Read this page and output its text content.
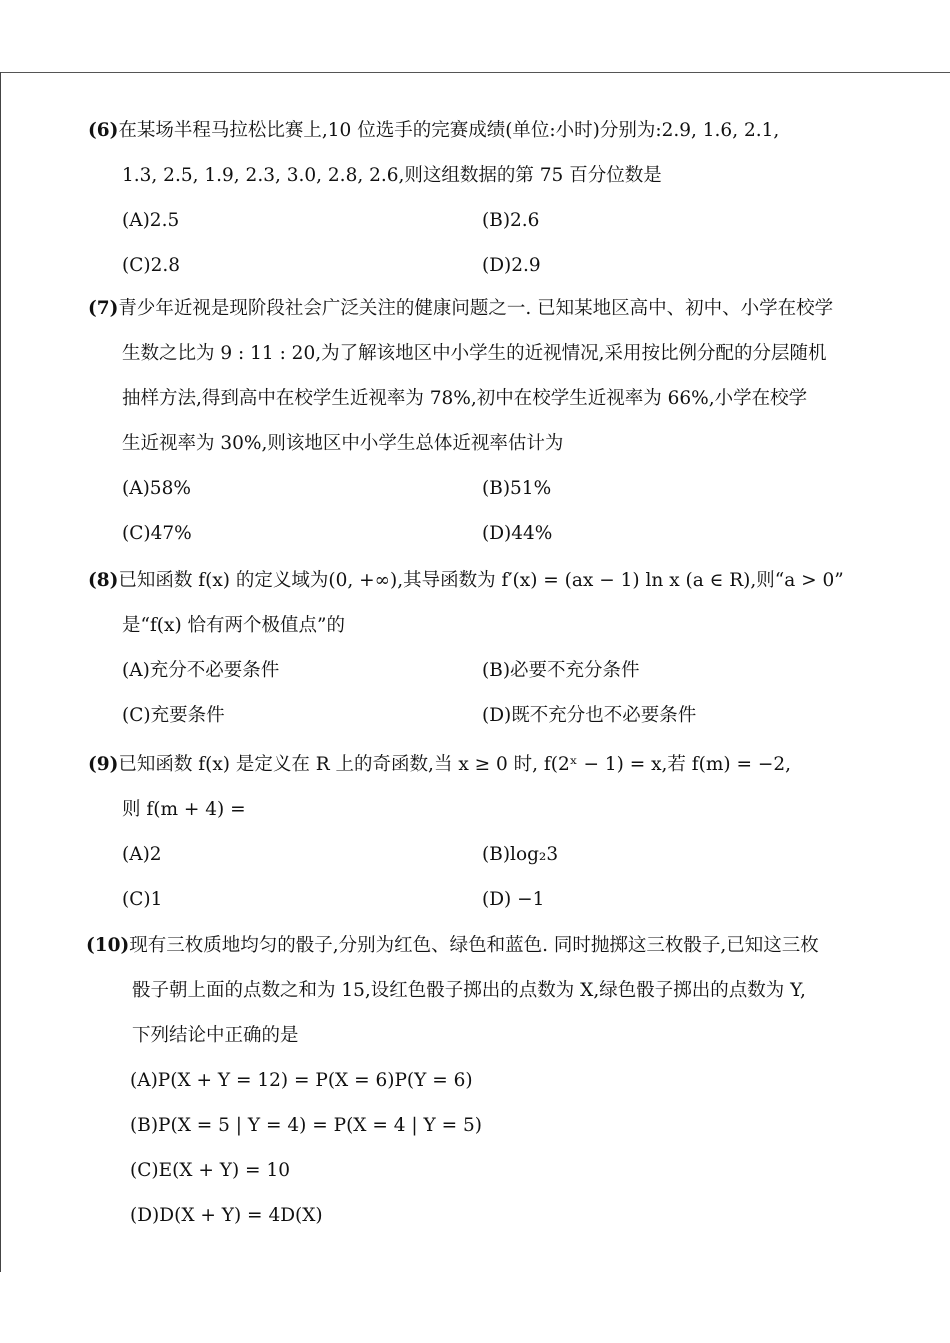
(6)在某场半程马拉松比赛上,10 位选手的完赛成绩(单位:小时)分别为:2.9, 1.6, 2.1,
1.3, 2.5, 1.9, 2.3, 3.0, 2.8, 2.6,则这组数据的第 75 百分位数是
(A)2.5	(B)2.6
(C)2.8	(D)2.9
(7)青少年近视是现阶段社会广泛关注的健康问题之一. 已知某地区高中、初中、小学在校学
生数之比为 9 : 11 : 20,为了解该地区中小学生的近视情况,采用按比例分配的分层随机
抽样方法,得到高中在校学生近视率为 78%,初中在校学生近视率为 66%,小学在校学
生近视率为 30%,则该地区中小学生总体近视率估计为
(A)58%	(B)51%
(C)47%	(D)44%
(8)已知函数 f(x) 的定义域为(0, +∞),其导函数为 f′(x) = (ax − 1) ln x (a ∈ R),则“a > 0”
是“f(x) 恰有两个极值点”的
(A)充分不必要条件	(B)必要不充分条件
(C)充要条件	(D)既不充分也不必要条件
(9)已知函数 f(x) 是定义在 R 上的奇函数,当 x ≥ 0 时, f(2ˣ − 1) = x,若 f(m) = −2,
则 f(m + 4) =
(A)2	(B)log₂3
(C)1	(D) −1
(10)现有三枚质地均匀的骰子,分别为红色、绿色和蓝色. 同时抛掷这三枚骰子,已知这三枚
骰子朝上面的点数之和为 15,设红色骰子掷出的点数为 X,绿色骰子掷出的点数为 Y,
下列结论中正确的是
(A)P(X + Y = 12) = P(X = 6)P(Y = 6)
(B)P(X = 5 | Y = 4) = P(X = 4 | Y = 5)
(C)E(X + Y) = 10
(D)D(X + Y) = 4D(X)
